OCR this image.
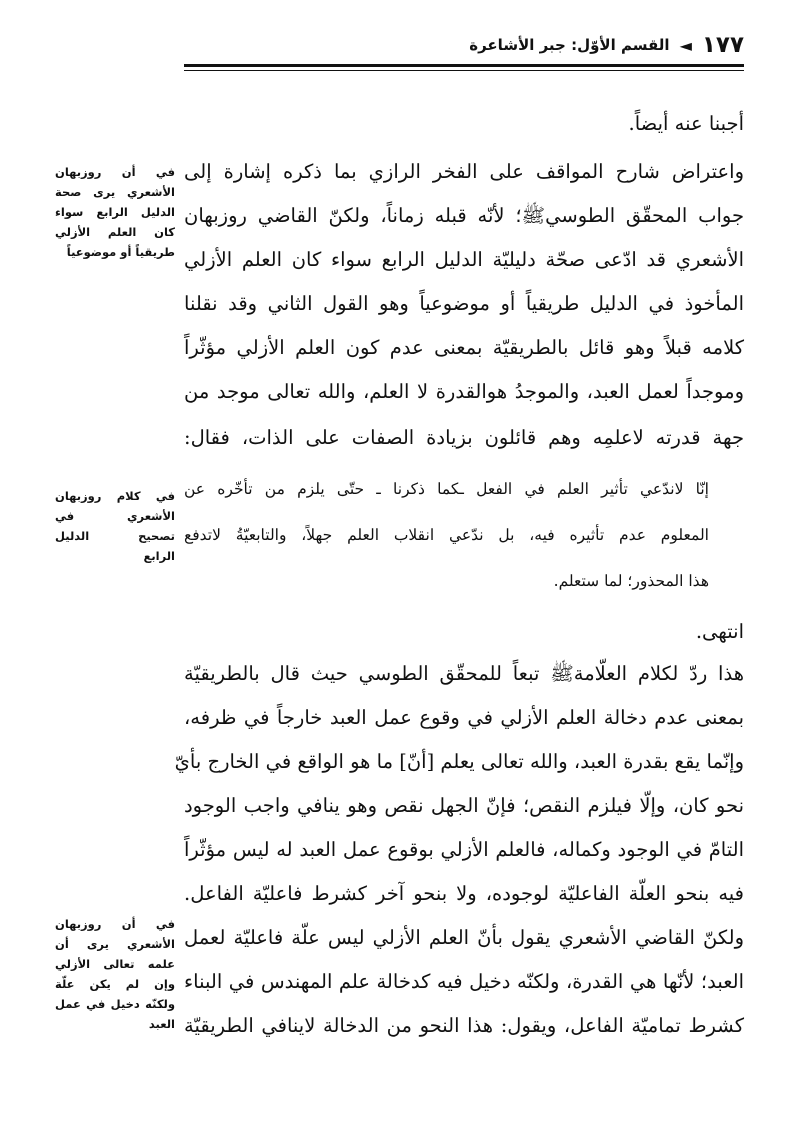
١٧٧
◄
القسم الأوّل: جبر الأشاعرة
أجبنا عنه أيضاً.
واعتراض شارح المواقف على الفخر الرازي بما ذكره إشارة إلى
جواب المحقّق الطوسيﷺ؛ لأنّه قبله زماناً، ولكنّ القاضي روزبهان
الأشعري قد ادّعى صحّة دليليّة الدليل الرابع سواء كان العلم الأزلي
المأخوذ في الدليل طريقياً أو موضوعياً وهو القول الثاني وقد نقلنا
كلامه قبلاً وهو قائل بالطريقيّة بمعنى عدم كون العلم الأزلي مؤثّراً
وموجداً لعمل العبد، والموجدُ هوالقدرة لا العلم، والله تعالى موجد من
جهة قدرته لاعلمِه وهم قائلون بزيادة الصفات على الذات، فقال:
إنّا لاندّعي تأثير العلم في الفعل ـكما ذكرنا ـ حتّى يلزم من تأخّره عن
المعلوم عدم تأثيره فيه، بل ندّعي انقلاب العلم جهلاً، والتابعيّةُ لاتدفع
هذا المحذور؛ لما ستعلم.
انتهى.
هذا ردّ لكلام العلّامةﷺ تبعاً للمحقّق الطوسي حيث قال بالطريقيّة
بمعنى عدم دخالة العلم الأزلي في وقوع عمل العبد خارجاً في ظرفه،
وإنّما يقع بقدرة العبد، والله تعالى يعلم [أنّ] ما هو الواقع في الخارج بأيّ
نحو كان، وإلّا فيلزم النقص؛ فإنّ الجهل نقص وهو ينافي واجب الوجود
التامّ في الوجود وكماله، فالعلم الأزلي بوقوع عمل العبد له ليس مؤثّراً
فيه بنحو العلّة الفاعليّة لوجوده، ولا بنحو آخر كشرط فاعليّة الفاعل.
ولكنّ القاضي الأشعري يقول بأنّ العلم الأزلي ليس علّة فاعليّة لعمل
العبد؛ لأنّها هي القدرة، ولكنّه دخيل فيه كدخالة علم المهندس في البناء
كشرط تماميّة الفاعل، ويقول: هذا النحو من الدخالة لاينافي الطريقيّة
في أن روزبهان
الأشعري يرى صحة
الدليل الرابع سواء
كان العلم الأزلي
طريقياً أو موضوعياً
في كلام روزبهان
الأشعري في
تصحيح الدليل
الرابع
في أن روزبهان
الأشعري يرى أن
علمه تعالى الأزلي
وإن لم يكن علّة
ولكنّه دخيل في عمل
العبد
